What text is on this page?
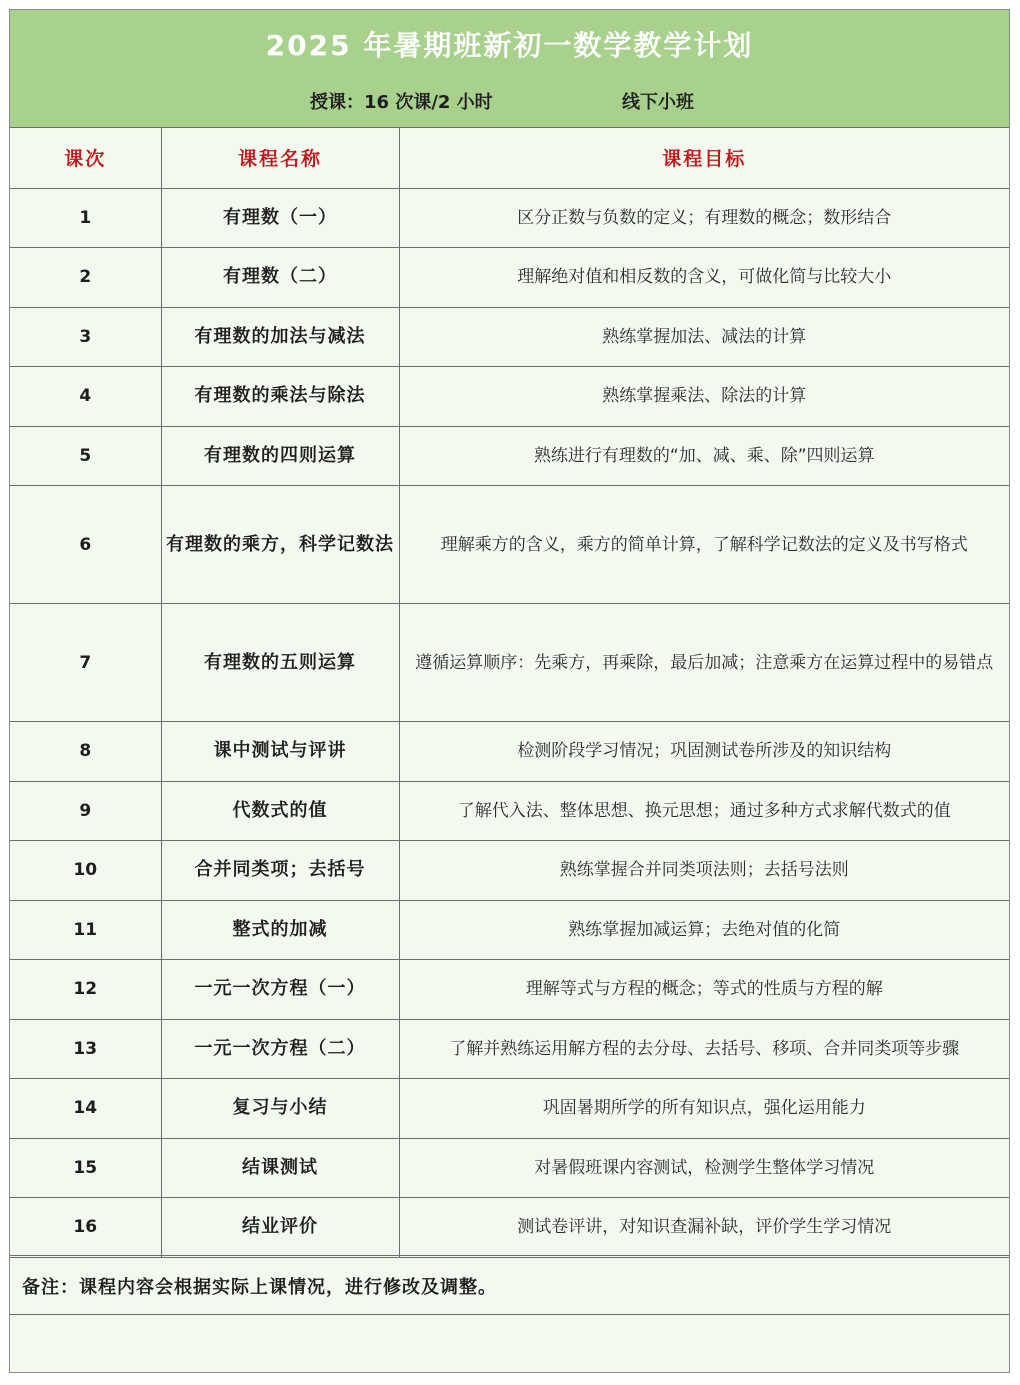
2025 年暑期班新初一数学教学计划
授课：16 次课/2 小时	线下小班
课次	课程名称	课程目标
1	有理数（一）	区分正数与负数的定义；有理数的概念；数形结合
2	有理数（二）	理解绝对值和相反数的含义，可做化简与比较大小
3	有理数的加法与减法	熟练掌握加法、减法的计算
4	有理数的乘法与除法	熟练掌握乘法、除法的计算
5	有理数的四则运算	熟练进行有理数的“加、减、乘、除”四则运算
6	有理数的乘方，科学记数法	理解乘方的含义，乘方的简单计算，了解科学记数法的定义及书写格式
7	有理数的五则运算	遵循运算顺序：先乘方，再乘除，最后加减；注意乘方在运算过程中的易错点
8	课中测试与评讲	检测阶段学习情况；巩固测试卷所涉及的知识结构
9	代数式的值	了解代入法、整体思想、换元思想；通过多种方式求解代数式的值
10	合并同类项；去括号	熟练掌握合并同类项法则；去括号法则
11	整式的加减	熟练掌握加减运算；去绝对值的化简
12	一元一次方程（一）	理解等式与方程的概念；等式的性质与方程的解
13	一元一次方程（二）	了解并熟练运用解方程的去分母、去括号、移项、合并同类项等步骤
14	复习与小结	巩固暑期所学的所有知识点，强化运用能力
15	结课测试	对暑假班课内容测试，检测学生整体学习情况
16	结业评价	测试卷评讲，对知识查漏补缺，评价学生学习情况
备注：课程内容会根据实际上课情况，进行修改及调整。
